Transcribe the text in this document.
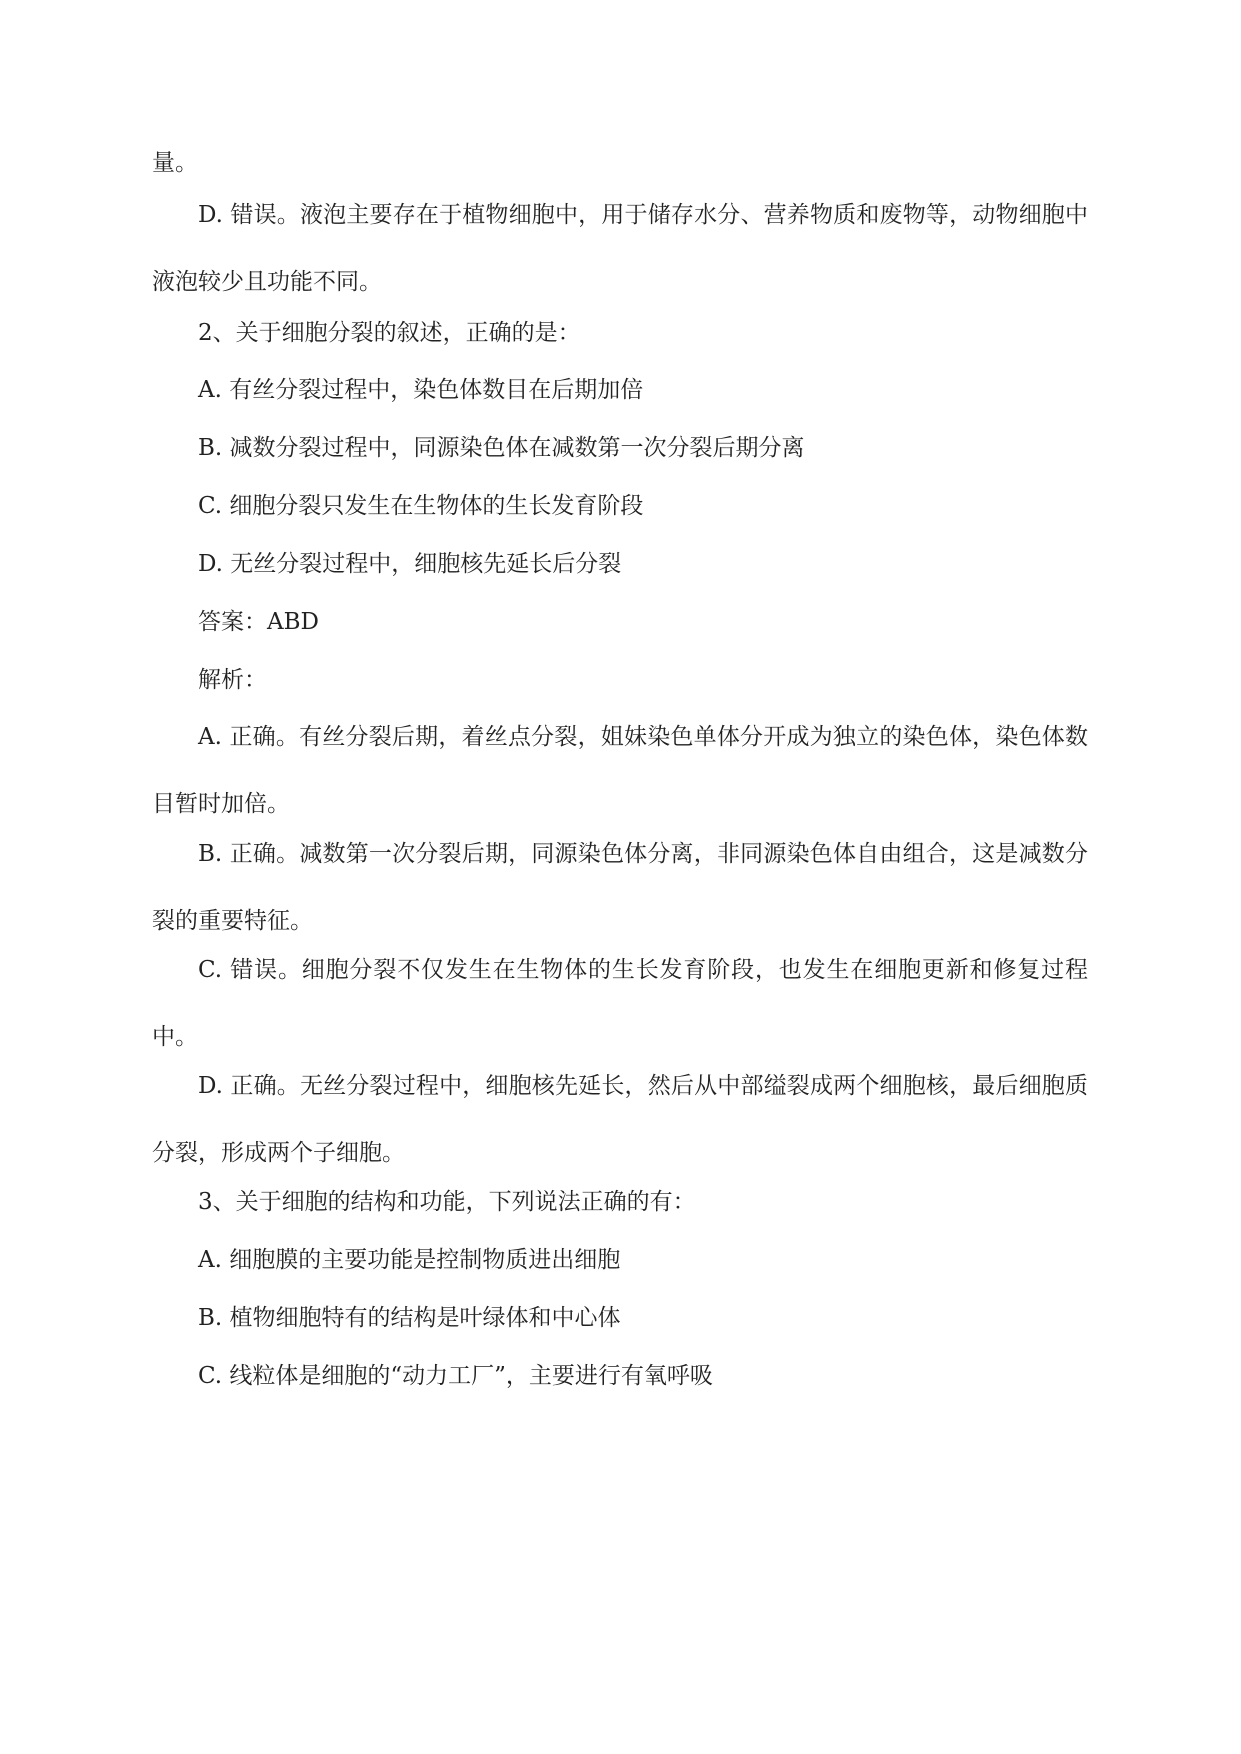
量。

D. 错误。液泡主要存在于植物细胞中，用于储存水分、营养物质和废物等，动物细胞中液泡较少且功能不同。

2、关于细胞分裂的叙述，正确的是：

A. 有丝分裂过程中，染色体数目在后期加倍

B. 减数分裂过程中，同源染色体在减数第一次分裂后期分离

C. 细胞分裂只发生在生物体的生长发育阶段

D. 无丝分裂过程中，细胞核先延长后分裂

答案：ABD

解析：

A. 正确。有丝分裂后期，着丝点分裂，姐妹染色单体分开成为独立的染色体，染色体数目暂时加倍。

B. 正确。减数第一次分裂后期，同源染色体分离，非同源染色体自由组合，这是减数分裂的重要特征。

C. 错误。细胞分裂不仅发生在生物体的生长发育阶段，也发生在细胞更新和修复过程中。

D. 正确。无丝分裂过程中，细胞核先延长，然后从中部缢裂成两个细胞核，最后细胞质分裂，形成两个子细胞。

3、关于细胞的结构和功能，下列说法正确的有：

A. 细胞膜的主要功能是控制物质进出细胞

B. 植物细胞特有的结构是叶绿体和中心体

C. 线粒体是细胞的“动力工厂”，主要进行有氧呼吸
